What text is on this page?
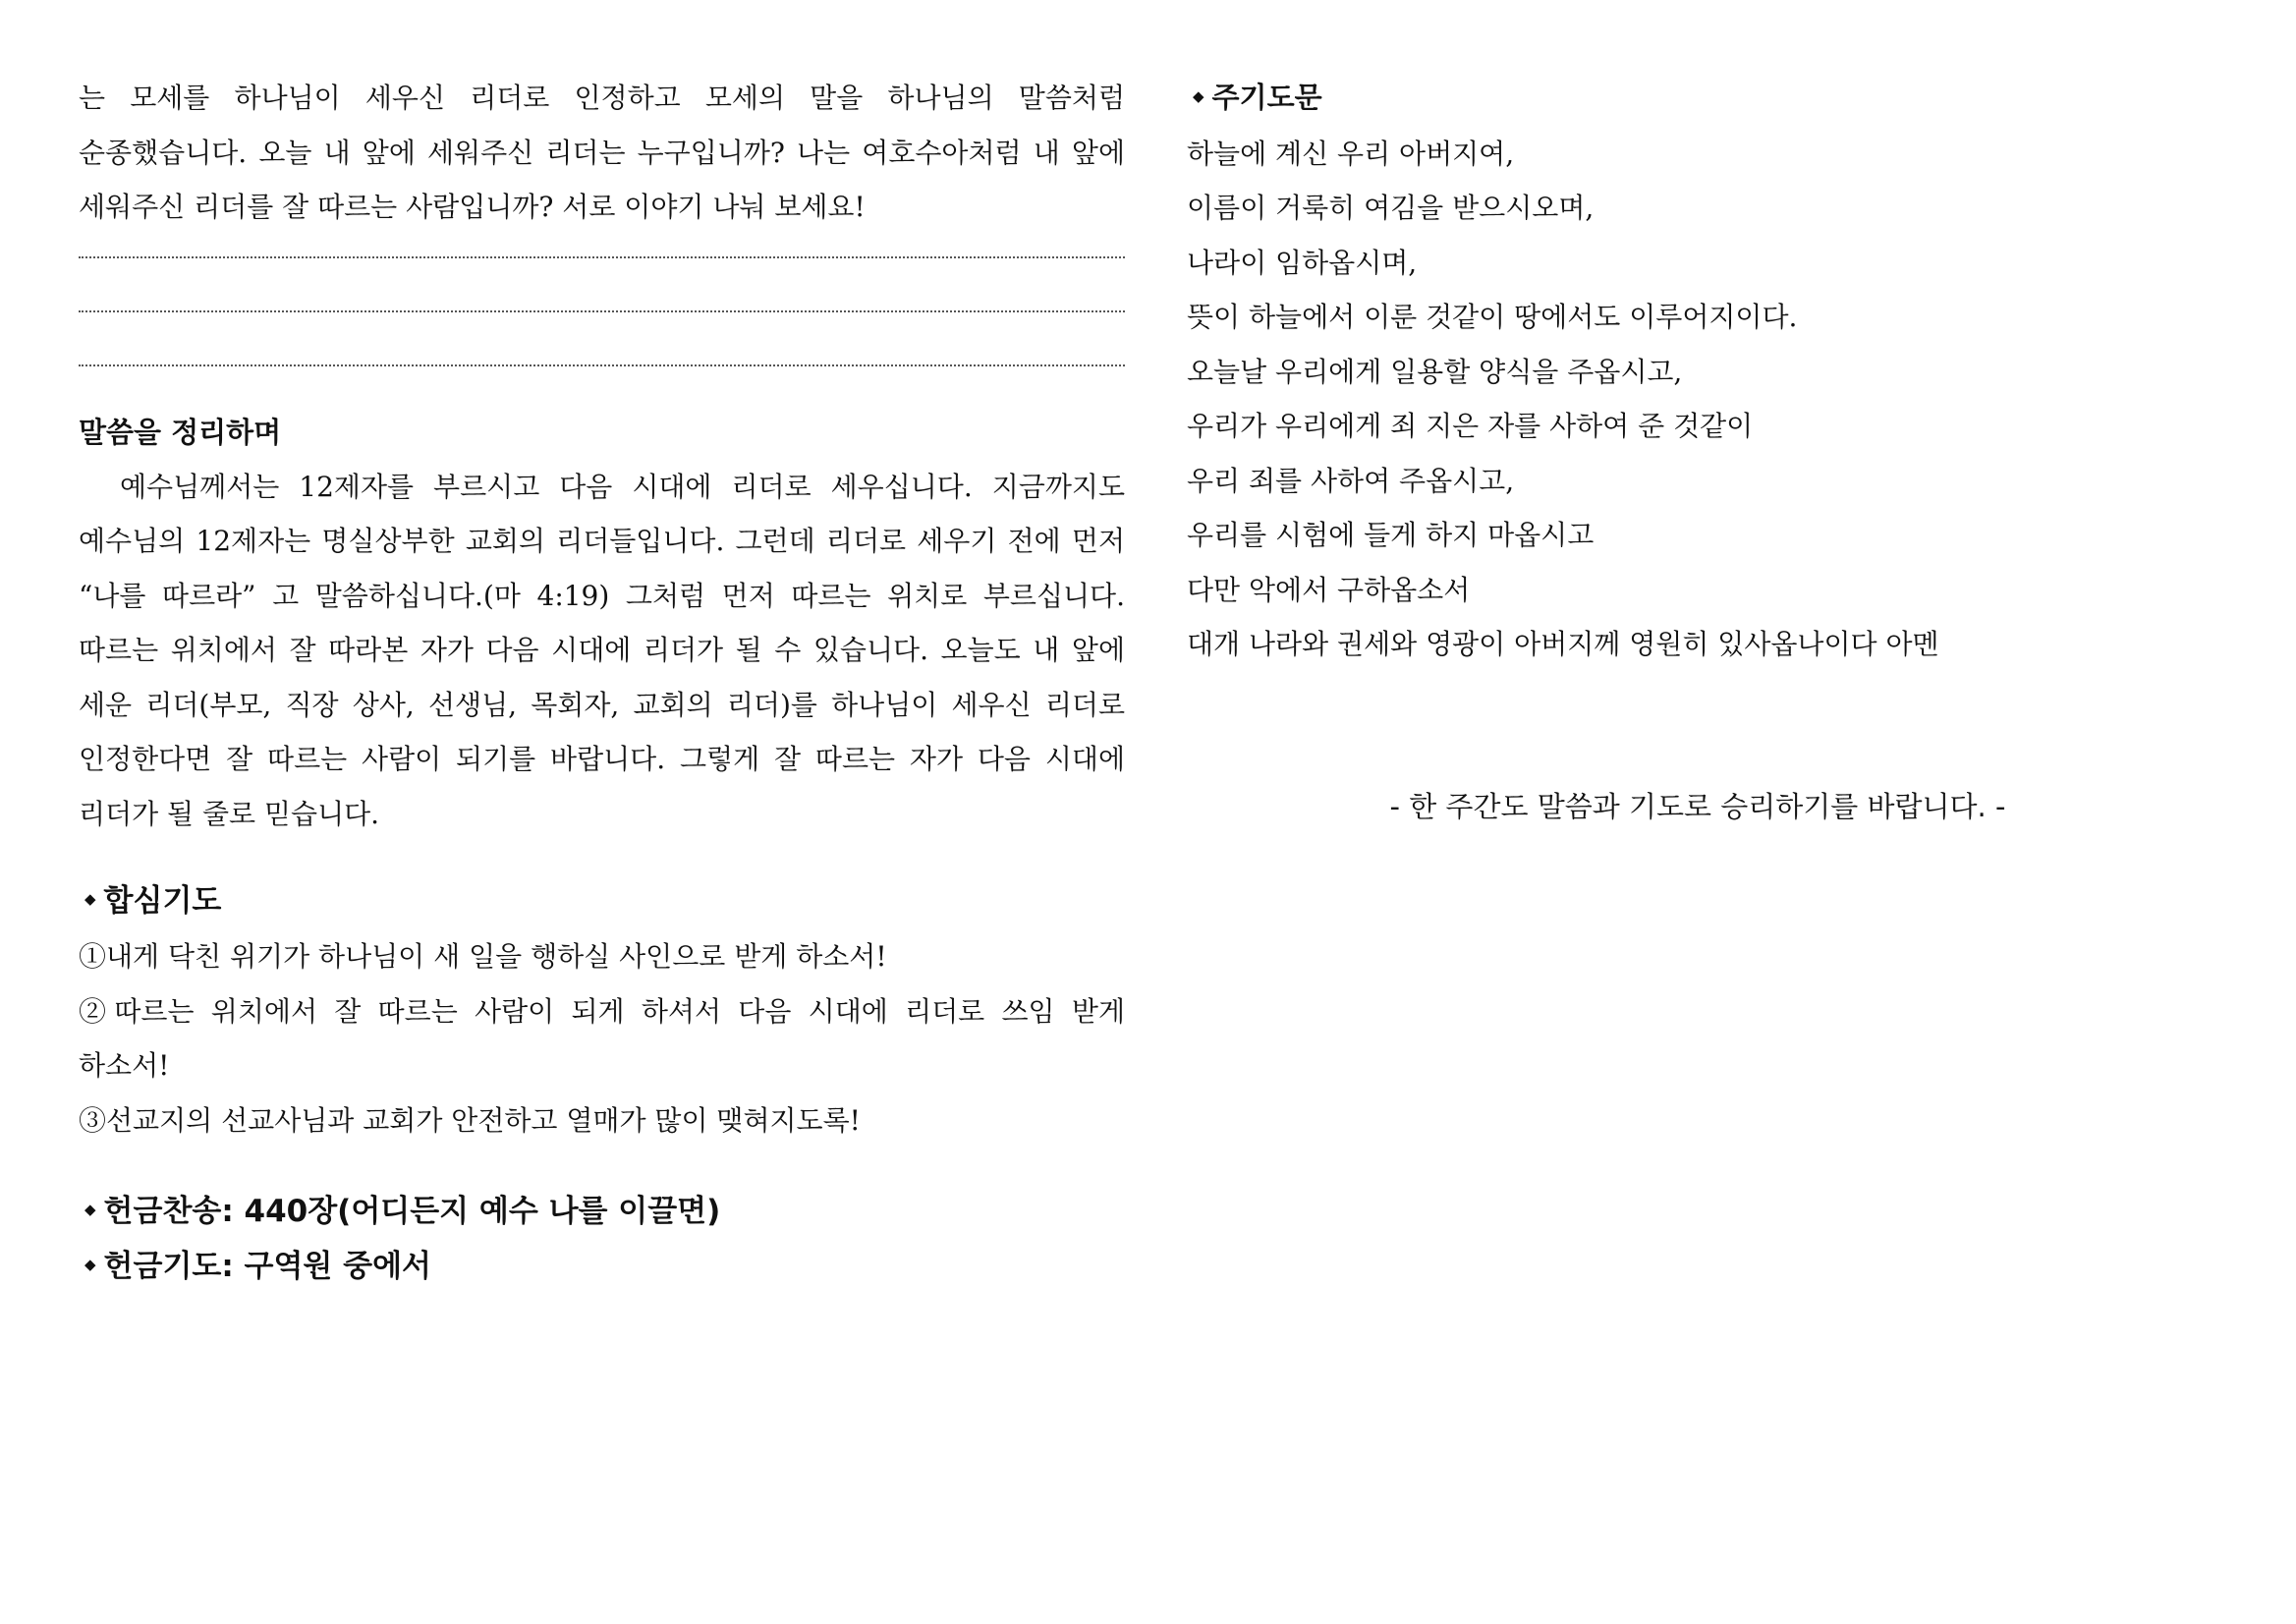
는 모세를 하나님이 세우신 리더로 인정하고 모세의 말을 하나님의 말씀처럼 순종했습니다. 오늘 내 앞에 세워주신 리더는 누구입니까? 나는 여호수아처럼 내 앞에 세워주신 리더를 잘 따르는 사람입니까? 서로 이야기 나눠 보세요!

말씀을 정리하며

예수님께서는 12제자를 부르시고 다음 시대에 리더로 세우십니다. 지금까지도 예수님의 12제자는 명실상부한 교회의 리더들입니다. 그런데 리더로 세우기 전에 먼저 “나를 따르라” 고 말씀하십니다.(마 4:19) 그처럼 먼저 따르는 위치로 부르십니다. 따르는 위치에서 잘 따라본 자가 다음 시대에 리더가 될 수 있습니다. 오늘도 내 앞에 세운 리더(부모, 직장 상사, 선생님, 목회자, 교회의 리더)를 하나님이 세우신 리더로 인정한다면 잘 따르는 사람이 되기를 바랍니다. 그렇게 잘 따르는 자가 다음 시대에 리더가 될 줄로 믿습니다.

◆ 합심기도

①내게 닥친 위기가 하나님이 새 일을 행하실 사인으로 받게 하소서!

②따르는 위치에서 잘 따르는 사람이 되게 하셔서 다음 시대에 리더로 쓰임 받게 하소서!

③선교지의 선교사님과 교회가 안전하고 열매가 많이 맺혀지도록!

◆ 헌금찬송: 440장(어디든지 예수 나를 이끌면)

◆ 헌금기도: 구역원 중에서

◆ 주기도문

하늘에 계신 우리 아버지여,

이름이 거룩히 여김을 받으시오며,

나라이 임하옵시며,

뜻이 하늘에서 이룬 것같이 땅에서도 이루어지이다.

오늘날 우리에게 일용할 양식을 주옵시고,

우리가 우리에게 죄 지은 자를 사하여 준 것같이

우리 죄를 사하여 주옵시고,

우리를 시험에 들게 하지 마옵시고

다만 악에서 구하옵소서

대개 나라와 권세와 영광이 아버지께 영원히 있사옵나이다 아멘

- 한 주간도 말씀과 기도로 승리하기를 바랍니다. -
